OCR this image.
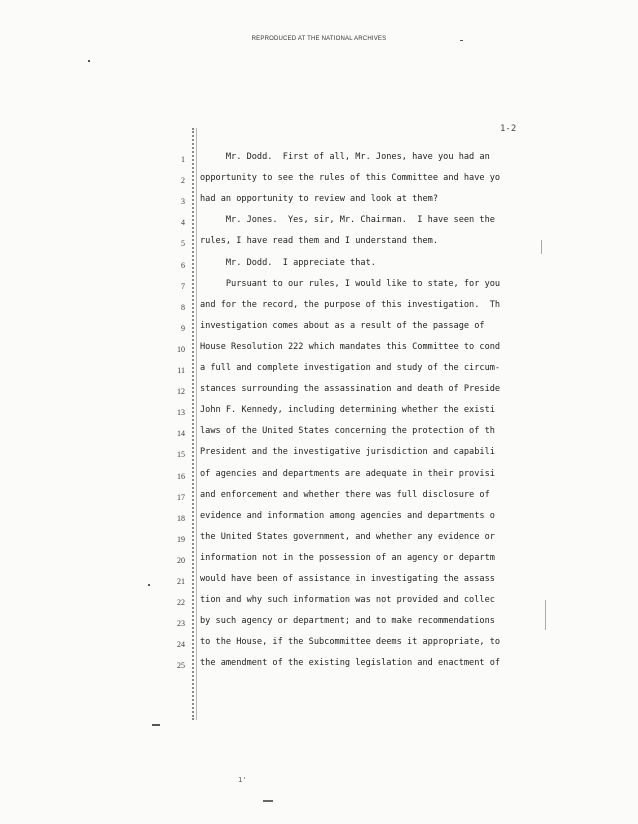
REPRODUCED AT THE NATIONAL ARCHIVES
1-2
1
2
3
4
5
6
7
8
9
10
11
12
13
14
15
16
17
18
19
20
21
22
23
24
25
Mr. Dodd.  First of all, Mr. Jones, have you had an
opportunity to see the rules of this Committee and have yo
had an opportunity to review and look at them?
Mr. Jones.  Yes, sir, Mr. Chairman.  I have seen the
rules, I have read them and I understand them.
Mr. Dodd.  I appreciate that.
Pursuant to our rules, I would like to state, for you
and for the record, the purpose of this investigation.  Th
investigation comes about as a result of the passage of
House Resolution 222 which mandates this Committee to cond
a full and complete investigation and study of the circum-
stances surrounding the assassination and death of Preside
John F. Kennedy, including determining whether the existi
laws of the United States concerning the protection of th
President and the investigative jurisdiction and capabili
of agencies and departments are adequate in their provisi
and enforcement and whether there was full disclosure of
evidence and information among agencies and departments o
the United States government, and whether any evidence or
information not in the possession of an agency or departm
would have been of assistance in investigating the assass
tion and why such information was not provided and collec
by such agency or department; and to make recommendations
to the House, if the Subcommittee deems it appropriate, to
the amendment of the existing legislation and enactment of
1'
